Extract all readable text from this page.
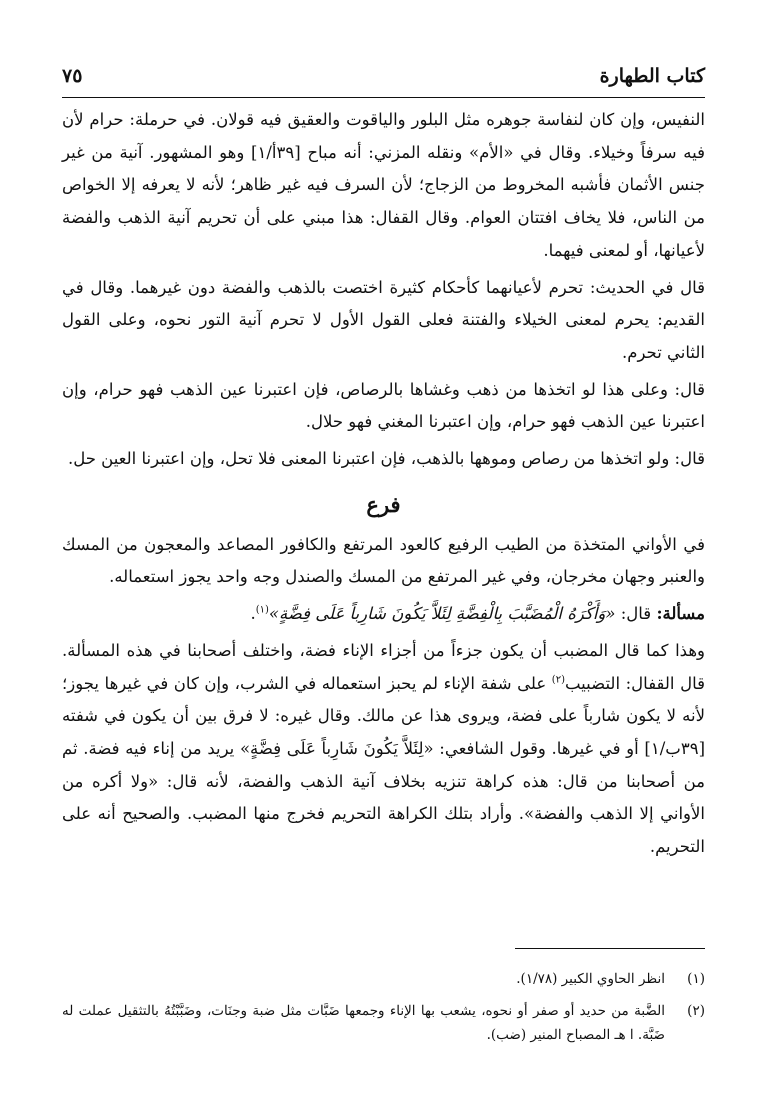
كتاب الطهارة
٧٥

النفيس، وإن كان لنفاسة جوهره مثل البلور والياقوت والعقيق فيه قولان. في حرملة: حرام لأن فيه سرفاً وخيلاء. وقال في «الأم» ونقله المزني: أنه مباح [٣٩أ/١] وهو المشهور. آنية من غير جنس الأثمان فأشبه المخروط من الزجاج؛ لأن السرف فيه غير ظاهر؛ لأنه لا يعرفه إلا الخواص من الناس، فلا يخاف افتتان العوام. وقال القفال: هذا مبني على أن تحريم آنية الذهب والفضة لأعيانها، أو لمعنى فيهما.

قال في الحديث: تحرم لأعيانهما كأحكام كثيرة اختصت بالذهب والفضة دون غيرهما. وقال في القديم: يحرم لمعنى الخيلاء والفتنة فعلى القول الأول لا تحرم آنية التور نحوه، وعلى القول الثاني تحرم.

قال: وعلى هذا لو اتخذها من ذهب وغشاها بالرصاص، فإن اعتبرنا عين الذهب فهو حرام، وإن اعتبرنا عين الذهب فهو حرام، وإن اعتبرنا المغني فهو حلال.

قال: ولو اتخذها من رصاص وموهها بالذهب، فإن اعتبرنا المعنى فلا تحل، وإن اعتبرنا العين حل.

فرع

في الأواني المتخذة من الطيب الرفيع كالعود المرتفع والكافور المصاعد والمعجون من المسك والعنبر وجهان مخرجان، وفي غير المرتفع من المسك والصندل وجه واحد يجوز استعماله.

مسألة: قال: «وَأَكْرَهُ الْمُضَبَّبَ بِالْفِضَّةِ لِئَلاَّ يَكُونَ شَارِباً عَلَى فِضَّةٍ»$^{(١)}$.

وهذا كما قال المضبب أن يكون جزءاً من أجزاء الإناء فضة، واختلف أصحابنا في هذه المسألة. قال القفال: التضبيب$^{(٢)}$ على شفة الإناء لم يحبز استعماله في الشرب، وإن كان في غيرها يجوز؛ لأنه لا يكون شارباً على فضة، ويروى هذا عن مالك. وقال غيره: لا فرق بين أن يكون في شفته [٣٩ب/١] أو في غيرها. وقول الشافعي: «لِئَلاَّ يَكُونَ شَارِباً عَلَى فِضَّةٍ» يريد من إناء فيه فضة. ثم من أصحابنا من قال: هذه كراهة تنزيه بخلاف آنية الذهب والفضة، لأنه قال: «ولا أكره من الأواني إلا الذهب والفضة». وأراد بتلك الكراهة التحريم فخرج منها المضبب. والصحيح أنه على التحريم.

(١)
انظر الحاوي الكبير (١/٧٨).
(٢)
الضَّبة من حديد أو صفر أو نحوه، يشعب بها الإناء وجمعها ضَبَّات مثل ضبة وجنَات، وضَبَّبْتُهُ بالتثقيل عملت له ضَبَّة. ا هـ المصباح المنير (ضب).
